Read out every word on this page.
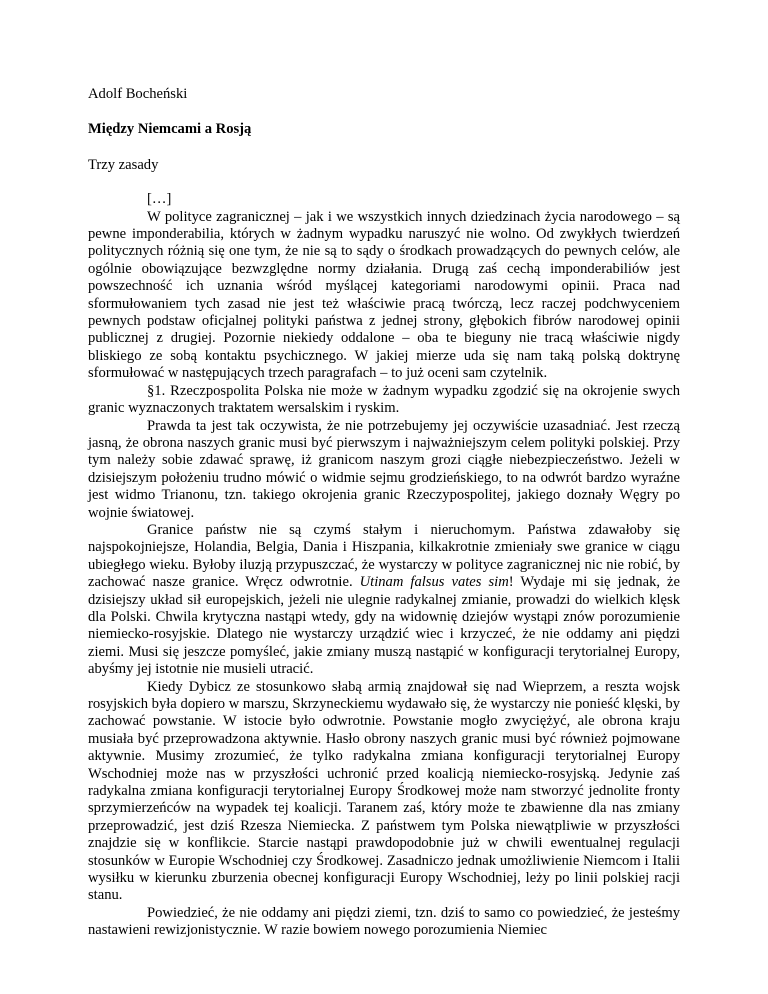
Adolf Bocheński

Między Niemcami a Rosją

Trzy zasady

[…]

W polityce zagranicznej – jak i we wszystkich innych dziedzinach życia narodowego – są pewne imponderabilia, których w żadnym wypadku naruszyć nie wolno. Od zwykłych twierdzeń politycznych różnią się one tym, że nie są to sądy o środkach prowadzących do pewnych celów, ale ogólnie obowiązujące bezwzględne normy działania. Drugą zaś cechą imponderabiliów jest powszechność ich uznania wśród myślącej kategoriami narodowymi opinii. Praca nad sformułowaniem tych zasad nie jest też właściwie pracą twórczą, lecz raczej podchwyceniem pewnych podstaw oficjalnej polityki państwa z jednej strony, głębokich fibrów narodowej opinii publicznej z drugiej. Pozornie niekiedy oddalone – oba te bieguny nie tracą właściwie nigdy bliskiego ze sobą kontaktu psychicznego. W jakiej mierze uda się nam taką polską doktrynę sformułować w następujących trzech paragrafach – to już oceni sam czytelnik.

§1. Rzeczpospolita Polska nie może w żadnym wypadku zgodzić się na okrojenie swych granic wyznaczonych traktatem wersalskim i ryskim.

Prawda ta jest tak oczywista, że nie potrzebujemy jej oczywiście uzasadniać. Jest rzeczą jasną, że obrona naszych granic musi być pierwszym i najważniejszym celem polityki polskiej. Przy tym należy sobie zdawać sprawę, iż granicom naszym grozi ciągłe niebezpieczeństwo. Jeżeli w dzisiejszym położeniu trudno mówić o widmie sejmu grodzieńskiego, to na odwrót bardzo wyraźne jest widmo Trianonu, tzn. takiego okrojenia granic Rzeczypospolitej, jakiego doznały Węgry po wojnie światowej.

Granice państw nie są czymś stałym i nieruchomym. Państwa zdawałoby się najspokojniejsze, Holandia, Belgia, Dania i Hiszpania, kilkakrotnie zmieniały swe granice w ciągu ubiegłego wieku. Byłoby iluzją przypuszczać, że wystarczy w polityce zagranicznej nic nie robić, by zachować nasze granice. Wręcz odwrotnie. Utinam falsus vates sim! Wydaje mi się jednak, że dzisiejszy układ sił europejskich, jeżeli nie ulegnie radykalnej zmianie, prowadzi do wielkich klęsk dla Polski. Chwila krytyczna nastąpi wtedy, gdy na widownię dziejów wystąpi znów porozumienie niemiecko-rosyjskie. Dlatego nie wystarczy urządzić wiec i krzyczeć, że nie oddamy ani piędzi ziemi. Musi się jeszcze pomyśleć, jakie zmiany muszą nastąpić w konfiguracji terytorialnej Europy, abyśmy jej istotnie nie musieli utracić.

Kiedy Dybicz ze stosunkowo słabą armią znajdował się nad Wieprzem, a reszta wojsk rosyjskich była dopiero w marszu, Skrzyneckiemu wydawało się, że wystarczy nie ponieść klęski, by zachować powstanie. W istocie było odwrotnie. Powstanie mogło zwyciężyć, ale obrona kraju musiała być przeprowadzona aktywnie. Hasło obrony naszych granic musi być również pojmowane aktywnie. Musimy zrozumieć, że tylko radykalna zmiana konfiguracji terytorialnej Europy Wschodniej może nas w przyszłości uchronić przed koalicją niemiecko-rosyjską. Jedynie zaś radykalna zmiana konfiguracji terytorialnej Europy Środkowej może nam stworzyć jednolite fronty sprzymierzeńców na wypadek tej koalicji. Taranem zaś, który może te zbawienne dla nas zmiany przeprowadzić, jest dziś Rzesza Niemiecka. Z państwem tym Polska niewątpliwie w przyszłości znajdzie się w konflikcie. Starcie nastąpi prawdopodobnie już w chwili ewentualnej regulacji stosunków w Europie Wschodniej czy Środkowej. Zasadniczo jednak umożliwienie Niemcom i Italii wysiłku w kierunku zburzenia obecnej konfiguracji Europy Wschodniej, leży po linii polskiej racji stanu.

Powiedzieć, że nie oddamy ani piędzi ziemi, tzn. dziś to samo co powiedzieć, że jesteśmy nastawieni rewizjonistycznie. W razie bowiem nowego porozumienia Niemiec
